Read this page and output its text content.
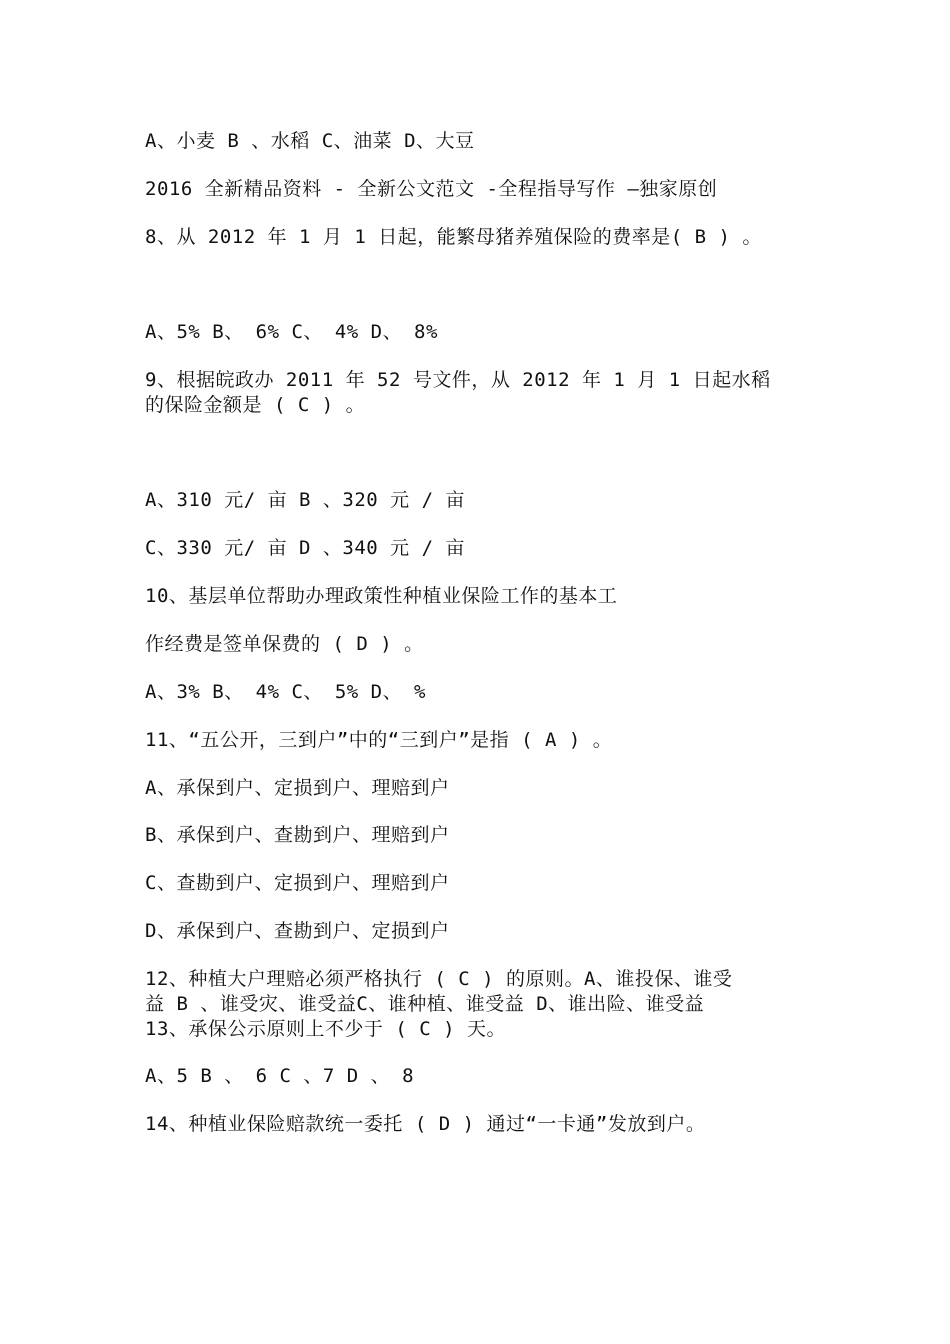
A、小麦 B 、水稻 C、油菜 D、大豆
2016 全新精品资料 - 全新公文范文 -全程指导写作 –独家原创
8、从 2012 年 1 月 1 日起，能繁母猪养殖保险的费率是( B ) 。
A、5% B、 6% C、 4% D、 8%
9、根据皖政办 2011 年 52 号文件，从 2012 年 1 月 1 日起水稻
的保险金额是 ( C ) 。
A、310 元/ 亩 B 、320 元 / 亩
C、330 元/ 亩 D 、340 元 / 亩
10、基层单位帮助办理政策性种植业保险工作的基本工
作经费是签单保费的 ( D ) 。
A、3% B、 4% C、 5% D、 %
11、“五公开，三到户”中的“三到户”是指 ( A ) 。
A、承保到户、定损到户、理赔到户
B、承保到户、查勘到户、理赔到户
C、查勘到户、定损到户、理赔到户
D、承保到户、查勘到户、定损到户
12、种植大户理赔必须严格执行 ( C ) 的原则。A、谁投保、谁受
益 B 、谁受灾、谁受益C、谁种植、谁受益 D、谁出险、谁受益
13、承保公示原则上不少于 ( C ) 天。
A、5 B 、 6 C 、7 D 、 8
14、种植业保险赔款统一委托 ( D ) 通过“一卡通”发放到户。
